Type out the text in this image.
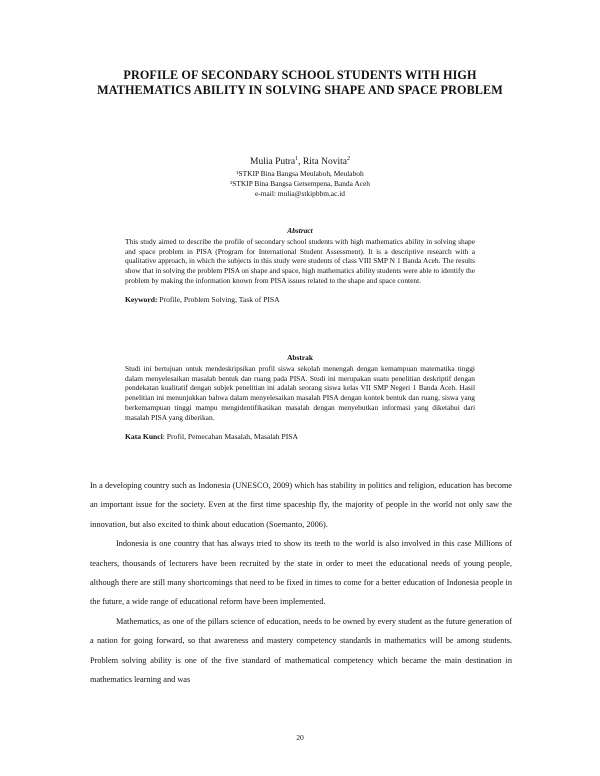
PROFILE OF SECONDARY SCHOOL STUDENTS WITH HIGH MATHEMATICS ABILITY IN SOLVING SHAPE AND SPACE PROBLEM
Mulia Putra$^1$, Rita Novita$^2$
¹STKIP Bina Bangsa Meulaboh, Meulaboh
²STKIP Bina Bangsa Getsempena, Banda Aceh
e-mail: mulia@stkipbbm.ac.id
Abstract
This study aimed to describe the profile of secondary school students with high mathematics ability in solving shape and space problem in PISA (Program for International Student Assessment). It is a descriptive research with a qualitative approach, in which the subjects in this study were students of class VIII SMP N 1 Banda Aceh. The results show that in solving the problem PISA on shape and space, high mathematics ability students were able to identify the problem by making the information known from PISA issues related to the shape and space content.
Keyword: Profile, Problem Solving, Task of PISA
Abstrak
Studi ini bertujuan untuk mendeskripsikan profil siswa sekolah menengah dengan kemampuan matematika tinggi dalam menyelesaikan masalah bentuk dan ruang pada PISA. Studi ini merupakan suatu penelitian deskriptif dengan pendekatan kualitatif dengan subjek penelitian ini adalah seorang siswa kelas VII SMP Negeri 1 Banda Aceh. Hasil penelitian ini menunjukkan bahwa dalam menyelesaikan masalah PISA dengan kontek bentuk dan ruang, siswa yang berkemampuan tinggi mampu mengidentifikasikan masalah dengan menyebutkan informasi yang diketahui dari masalah PISA yang diberikan.
Kata Kunci: Profil, Pemecahan Masalah, Masalah PISA

In a developing country such as Indonesia (UNESCO, 2009) which has stability in politics and religion, education has become an important issue for the society. Even at the first time spaceship fly, the majority of people in the world not only saw the innovation, but also excited to think about education (Soemanto, 2006).

Indonesia is one country that has always tried to show its teeth to the world is also involved in this case Millions of teachers, thousands of lecturers have been recruited by the state in order to meet the educational needs of young people, although there are still many shortcomings that need to be fixed in times to come for a better education of Indonesia people in the future, a wide range of educational reform have been implemented.

Mathematics, as one of the pillars science of education, needs to be owned by every student as the future generation of a nation for going forward, so that awareness and mastery competency standards in mathematics will be among students. Problem solving ability is one of the five standard of mathematical competency which became the main destination in mathematics learning and was

20
